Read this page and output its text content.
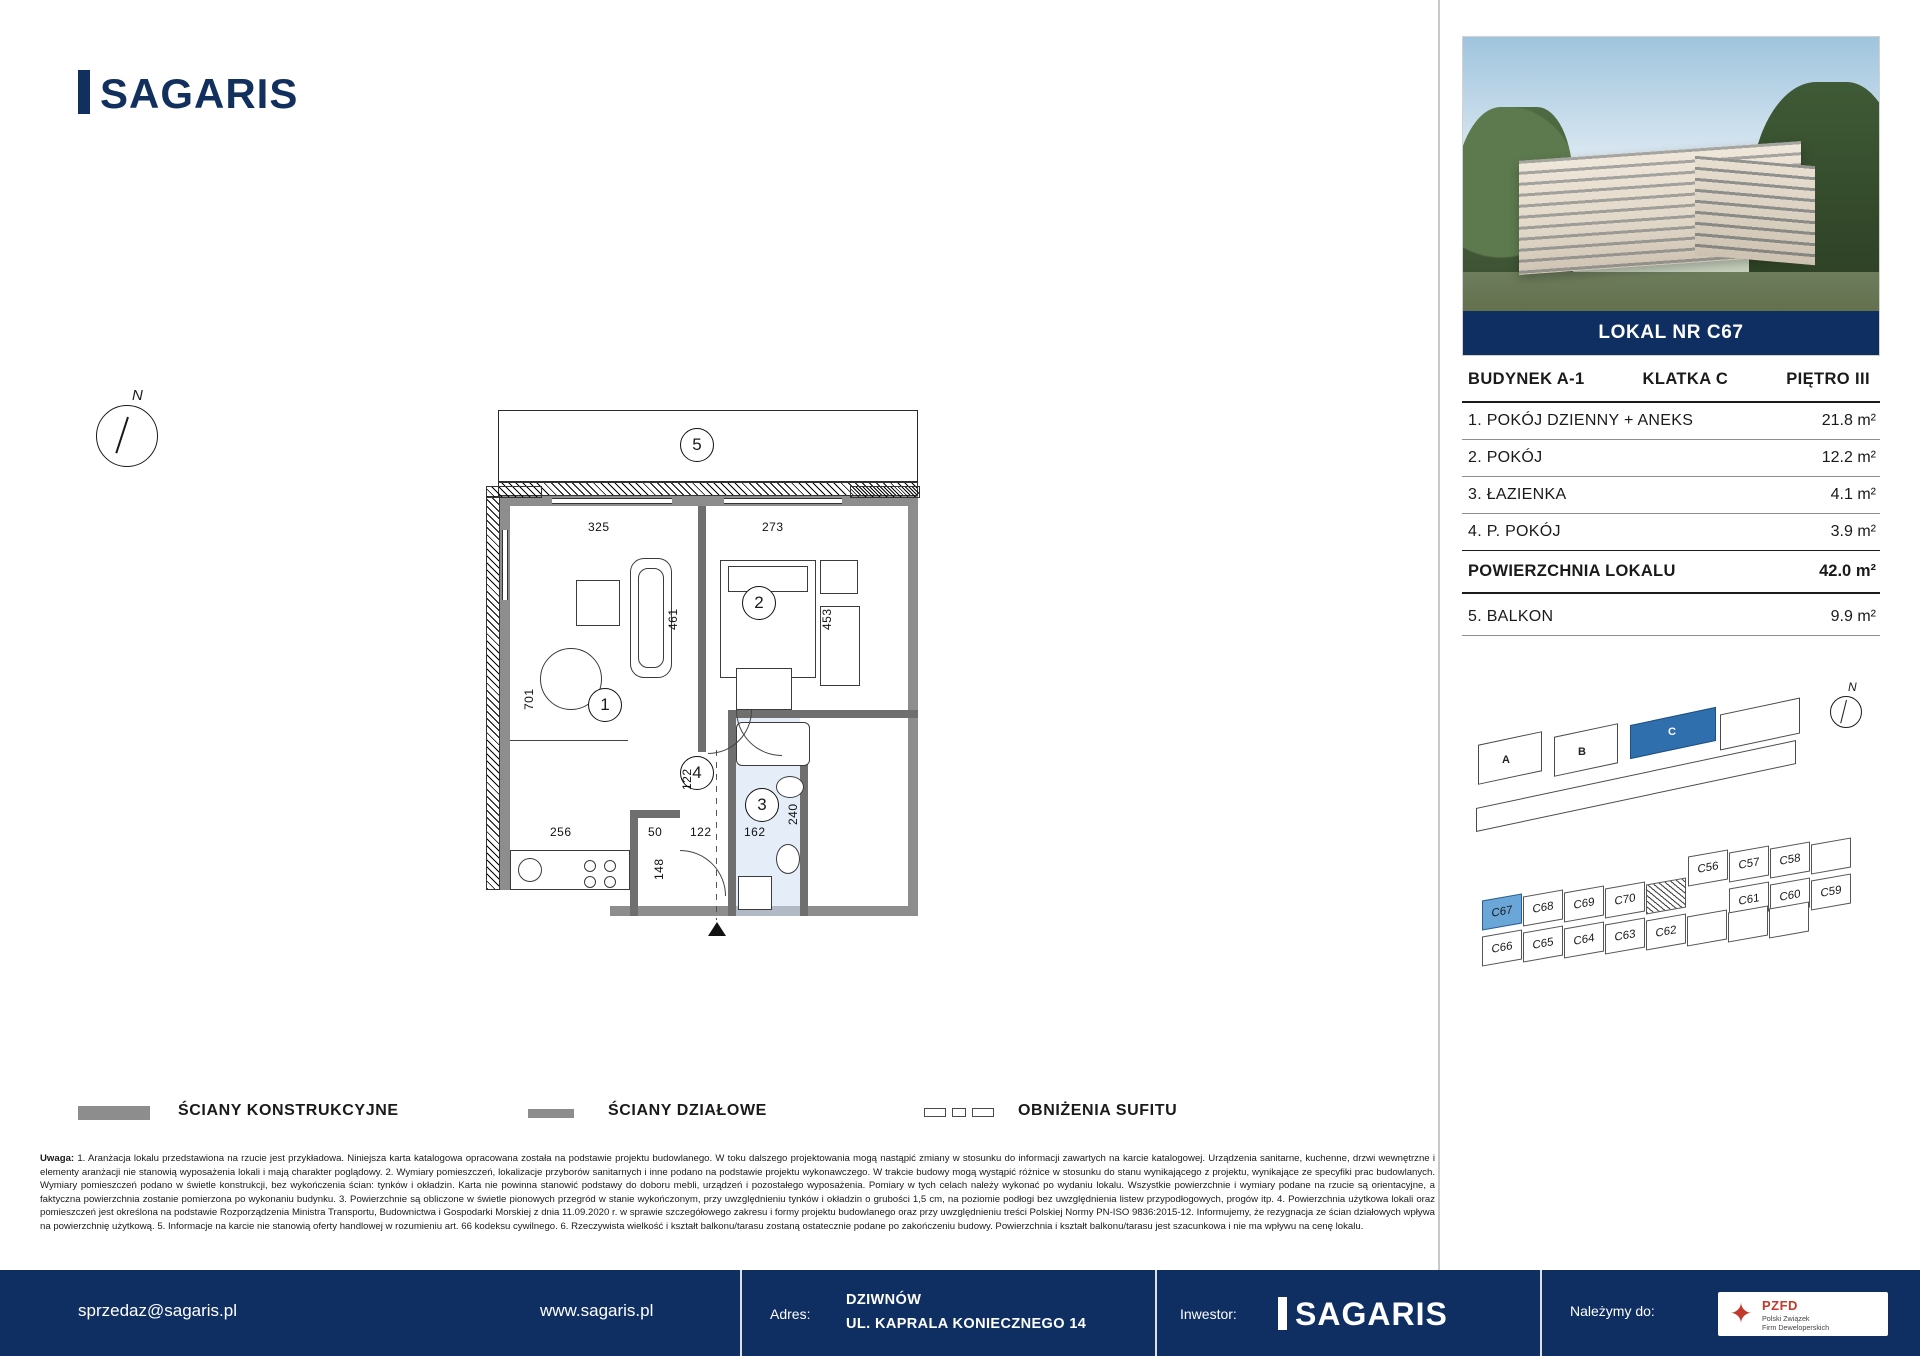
SAGARIS
N
5
1
2
3
4
325	273
461	453
701
122
256	50 122
148
162
240
ŚCIANY KONSTRUKCYJNE	ŚCIANY DZIAŁOWE	OBNIŻENIA SUFITU
Uwaga: 1. Aranżacja lokalu przedstawiona na rzucie jest przykładowa. Niniejsza karta katalogowa opracowana została na podstawie projektu budowlanego. W toku dalszego projektowania mogą nastąpić zmiany w stosunku do informacji zawartych na karcie katalogowej. Urządzenia sanitarne, kuchenne, drzwi wewnętrzne i elementy aranżacji nie stanowią wyposażenia lokali i mają charakter poglądowy. 2. Wymiary pomieszczeń, lokalizacje przyborów sanitarnych i inne podano na podstawie projektu wykonawczego. W trakcie budowy mogą wystąpić różnice w stosunku do stanu wynikającego z projektu, wynikające ze specyfiki prac budowlanych. Wymiary pomieszczeń podano w świetle konstrukcji, bez wykończenia ścian: tynków i okładzin. Karta nie powinna stanowić podstawy do doboru mebli, urządzeń i pozostałego wyposażenia. Pomiary w tych celach należy wykonać po wydaniu lokalu. Wszystkie powierzchnie i wymiary podane na rzucie są orientacyjne, a faktyczna powierzchnia zostanie pomierzona po wykonaniu budynku. 3. Powierzchnie są obliczone w świetle pionowych przegród w stanie wykończonym, przy uwzględnieniu tynków i okładzin o grubości 1,5 cm, na poziomie podłogi bez uwzględnienia listew przypodłogowych, progów itp. 4. Powierzchnia użytkowa lokali oraz pomieszczeń jest określona na podstawie Rozporządzenia Ministra Transportu, Budownictwa i Gospodarki Morskiej z dnia 11.09.2020 r. w sprawie szczegółowego zakresu i formy projektu budowlanego oraz przy uwzględnieniu treści Polskiej Normy PN-ISO 9836:2015-12. Informujemy, że rezygnacja ze ścian działowych wpływa na powierzchnię użytkową. 5. Informacje na karcie nie stanowią oferty handlowej w rozumieniu art. 66 kodeksu cywilnego. 6. Rzeczywista wielkość i kształt balkonu/tarasu zostaną ostatecznie podane po zakończeniu budowy. Powierzchnia i kształt balkonu/tarasu jest szacunkowa i nie ma wpływu na cenę lokalu.
sprzedaz@sagaris.pl	www.sagaris.pl	Adres:
DZIWNÓW
UL. KAPRALA KONIECZNEGO 14
Inwestor:	SAGARIS	Należymy do:	✦ PZFD
Polski Związek
Firm Deweloperskich
LOKAL NR C67
BUDYNEK A-1	KLATKA C	PIĘTRO III
1. POKÓJ DZIENNY + ANEKS	21.8 m²
2. POKÓJ	12.2 m²
3. ŁAZIENKA	4.1 m²
4. P. POKÓJ	3.9 m²
POWIERZCHNIA LOKALU	42.0 m²
5. BALKON	9.9 m²
N
A
B
C
C56	C57	C58
C67	C68	C69	C70	C61	C60	C59
C66	C65	C64	C63	C62
